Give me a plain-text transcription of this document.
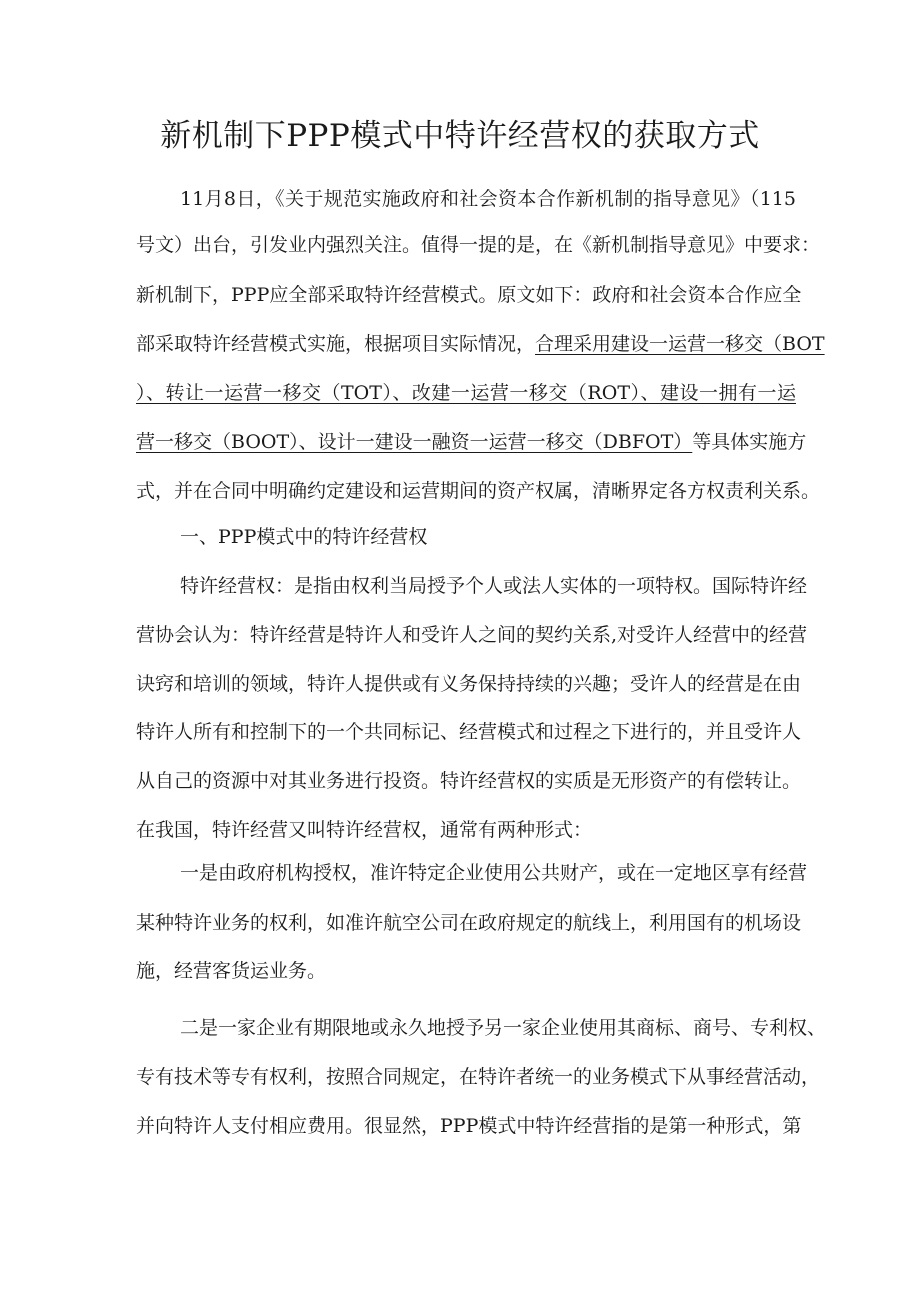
新机制下PPP模式中特许经营权的获取方式
11月8日，《关于规范实施政府和社会资本合作新机制的指导意见》（115
号文）出台，引发业内强烈关注。值得一提的是，在《新机制指导意见》中要求：
新机制下，PPP应全部采取特许经营模式。原文如下：政府和社会资本合作应全
部采取特许经营模式实施，根据项目实际情况，合理采用建设一运营一移交（BOT
）、转让一运营一移交（TOT）、改建一运营一移交（ROT）、建设一拥有一运
营一移交（BOOT）、设计一建设一融资一运营一移交（DBFOT）等具体实施方
式，并在合同中明确约定建设和运营期间的资产权属，清晰界定各方权责利关系。
一、PPP模式中的特许经营权
特许经营权：是指由权利当局授予个人或法人实体的一项特权。国际特许经
营协会认为：特许经营是特许人和受许人之间的契约关系,对受许人经营中的经营
诀窍和培训的领域，特许人提供或有义务保持持续的兴趣；受许人的经营是在由
特许人所有和控制下的一个共同标记、经营模式和过程之下进行的，并且受许人
从自己的资源中对其业务进行投资。特许经营权的实质是无形资产的有偿转让。
在我国，特许经营又叫特许经营权，通常有两种形式：
一是由政府机构授权，准许特定企业使用公共财产，或在一定地区享有经营
某种特许业务的权利，如准许航空公司在政府规定的航线上，利用国有的机场设
施，经营客货运业务。
二是一家企业有期限地或永久地授予另一家企业使用其商标、商号、专利权、
专有技术等专有权利，按照合同规定，在特许者统一的业务模式下从事经营活动，
并向特许人支付相应费用。很显然，PPP模式中特许经营指的是第一种形式，第
